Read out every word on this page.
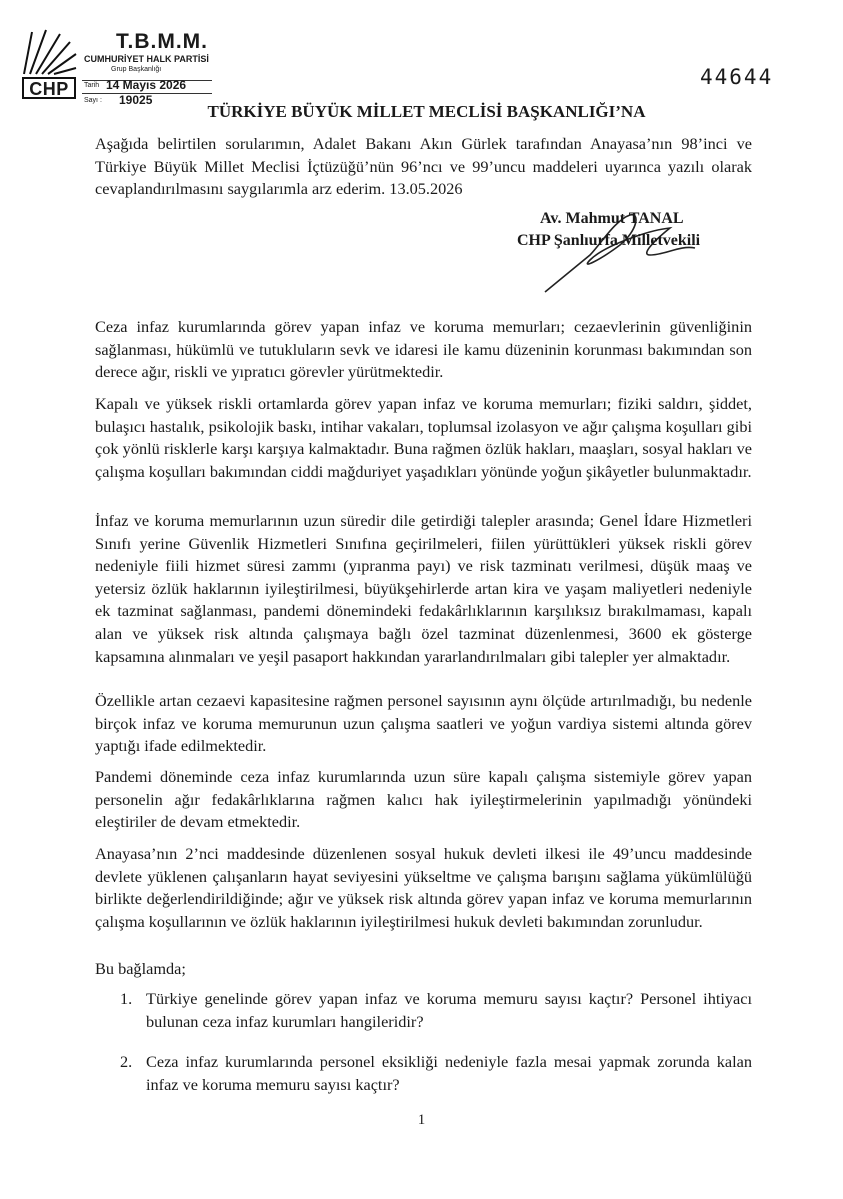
CHP
T.B.M.M.
CUMHURİYET HALK PARTİSİ
Grup Başkanlığı
Tarih 14 Mayıs 2026
Sayı : 19025
44644
TÜRKİYE BÜYÜK MİLLET MECLİSİ BAŞKANLIĞI’NA

Aşağıda belirtilen sorularımın, Adalet Bakanı Akın Gürlek tarafından Anayasa’nın 98’inci ve Türkiye Büyük Millet Meclisi İçtüzüğü’nün 96’ncı ve 99’uncu maddeleri uyarınca yazılı olarak cevaplandırılmasını saygılarımla arz ederim. 13.05.2026

Av. Mahmut TANAL
CHP Şanlıurfa Milletvekili

Ceza infaz kurumlarında görev yapan infaz ve koruma memurları; cezaevlerinin güvenliğinin sağlanması, hükümlü ve tutukluların sevk ve idaresi ile kamu düzeninin korunması bakımından son derece ağır, riskli ve yıpratıcı görevler yürütmektedir.

Kapalı ve yüksek riskli ortamlarda görev yapan infaz ve koruma memurları; fiziki saldırı, şiddet, bulaşıcı hastalık, psikolojik baskı, intihar vakaları, toplumsal izolasyon ve ağır çalışma koşulları gibi çok yönlü risklerle karşı karşıya kalmaktadır. Buna rağmen özlük hakları, maaşları, sosyal hakları ve çalışma koşulları bakımından ciddi mağduriyet yaşadıkları yönünde yoğun şikâyetler bulunmaktadır.

İnfaz ve koruma memurlarının uzun süredir dile getirdiği talepler arasında; Genel İdare Hizmetleri Sınıfı yerine Güvenlik Hizmetleri Sınıfına geçirilmeleri, fiilen yürüttükleri yüksek riskli görev nedeniyle fiili hizmet süresi zammı (yıpranma payı) ve risk tazminatı verilmesi, düşük maaş ve yetersiz özlük haklarının iyileştirilmesi, büyükşehirlerde artan kira ve yaşam maliyetleri nedeniyle ek tazminat sağlanması, pandemi dönemindeki fedakârlıklarının karşılıksız bırakılmaması, kapalı alan ve yüksek risk altında çalışmaya bağlı özel tazminat düzenlenmesi, 3600 ek gösterge kapsamına alınmaları ve yeşil pasaport hakkından yararlandırılmaları gibi talepler yer almaktadır.

Özellikle artan cezaevi kapasitesine rağmen personel sayısının aynı ölçüde artırılmadığı, bu nedenle birçok infaz ve koruma memurunun uzun çalışma saatleri ve yoğun vardiya sistemi altında görev yaptığı ifade edilmektedir.

Pandemi döneminde ceza infaz kurumlarında uzun süre kapalı çalışma sistemiyle görev yapan personelin ağır fedakârlıklarına rağmen kalıcı hak iyileştirmelerinin yapılmadığı yönündeki eleştiriler de devam etmektedir.

Anayasa’nın 2’nci maddesinde düzenlenen sosyal hukuk devleti ilkesi ile 49’uncu maddesinde devlete yüklenen çalışanların hayat seviyesini yükseltme ve çalışma barışını sağlama yükümlülüğü birlikte değerlendirildiğinde; ağır ve yüksek risk altında görev yapan infaz ve koruma memurlarının çalışma koşullarının ve özlük haklarının iyileştirilmesi hukuk devleti bakımından zorunludur.

Bu bağlamda;

1. Türkiye genelinde görev yapan infaz ve koruma memuru sayısı kaçtır? Personel ihtiyacı bulunan ceza infaz kurumları hangileridir?
2. Ceza infaz kurumlarında personel eksikliği nedeniyle fazla mesai yapmak zorunda kalan infaz ve koruma memuru sayısı kaçtır?
1
